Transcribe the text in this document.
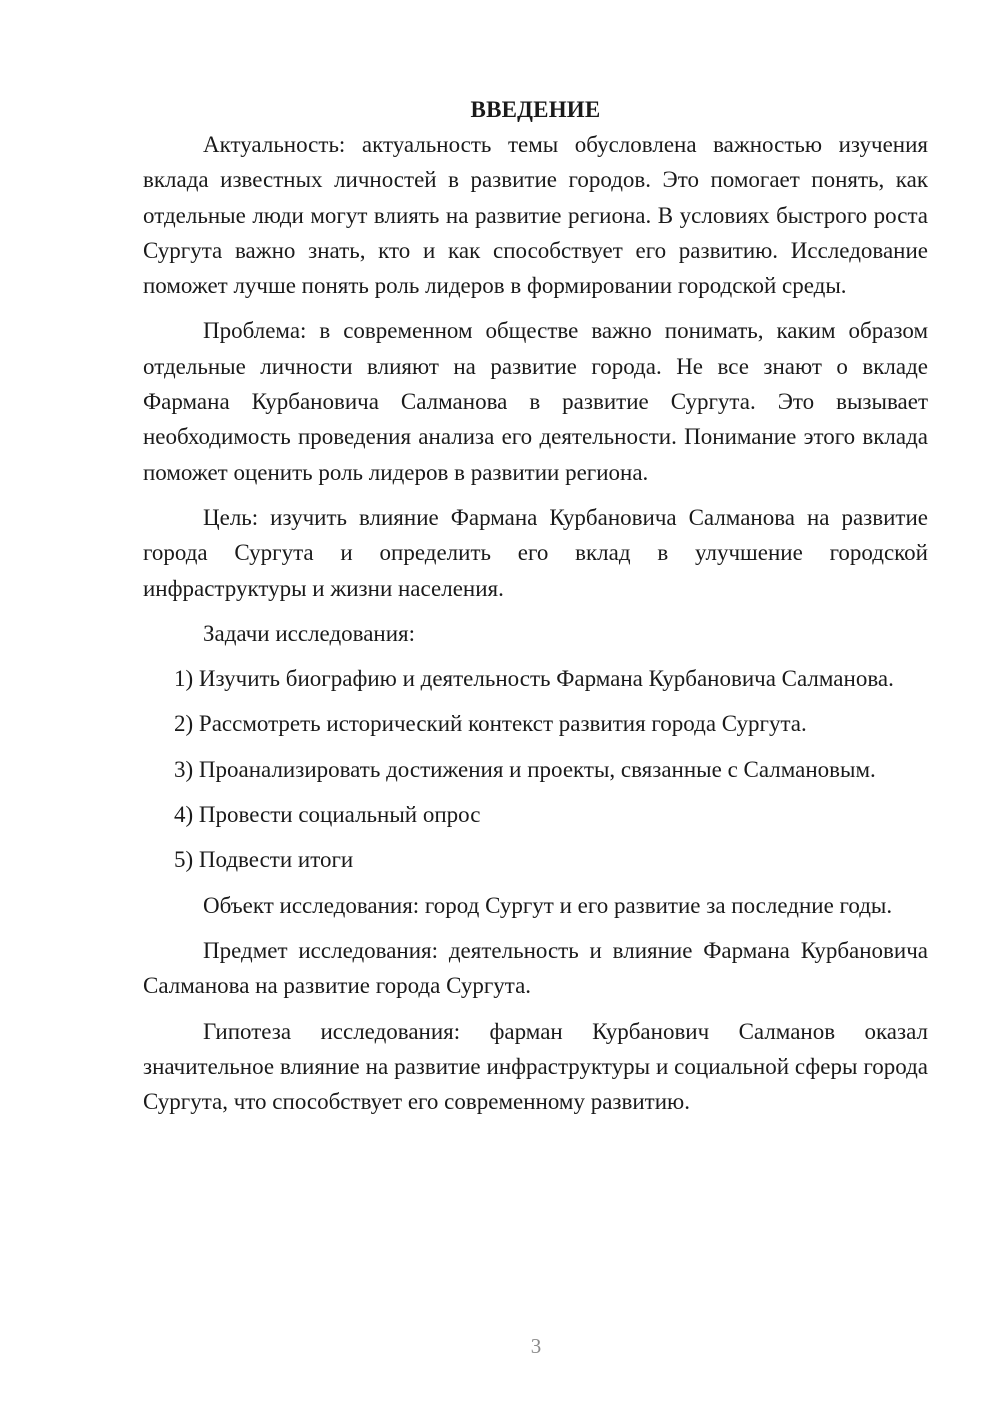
ВВЕДЕНИЕ

Актуальность: актуальность темы обусловлена важностью изучения вклада известных личностей в развитие городов. Это помогает понять, как отдельные люди могут влиять на развитие региона. В условиях быстрого роста Сургута важно знать, кто и как способствует его развитию. Исследование поможет лучше понять роль лидеров в формировании городской среды.

Проблема: в современном обществе важно понимать, каким образом отдельные личности влияют на развитие города. Не все знают о вкладе Фармана Курбановича Салманова в развитие Сургута. Это вызывает необходимость проведения анализа его деятельности. Понимание этого вклада поможет оценить роль лидеров в развитии региона.

Цель: изучить влияние Фармана Курбановича Салманова на развитие города Сургута и определить его вклад в улучшение городской инфраструктуры и жизни населения.

Задачи исследования:

1) Изучить биографию и деятельность Фармана Курбановича Салманова.

2) Рассмотреть исторический контекст развития города Сургута.

3) Проанализировать достижения и проекты, связанные с Салмановым.

4) Провести социальный опрос

5) Подвести итоги

Объект исследования: город Сургут и его развитие за последние годы.

Предмет исследования: деятельность и влияние Фармана Курбановича Салманова на развитие города Сургута.

Гипотеза исследования: фарман Курбанович Салманов оказал значительное влияние на развитие инфраструктуры и социальной сферы города Сургута, что способствует его современному развитию.

3
